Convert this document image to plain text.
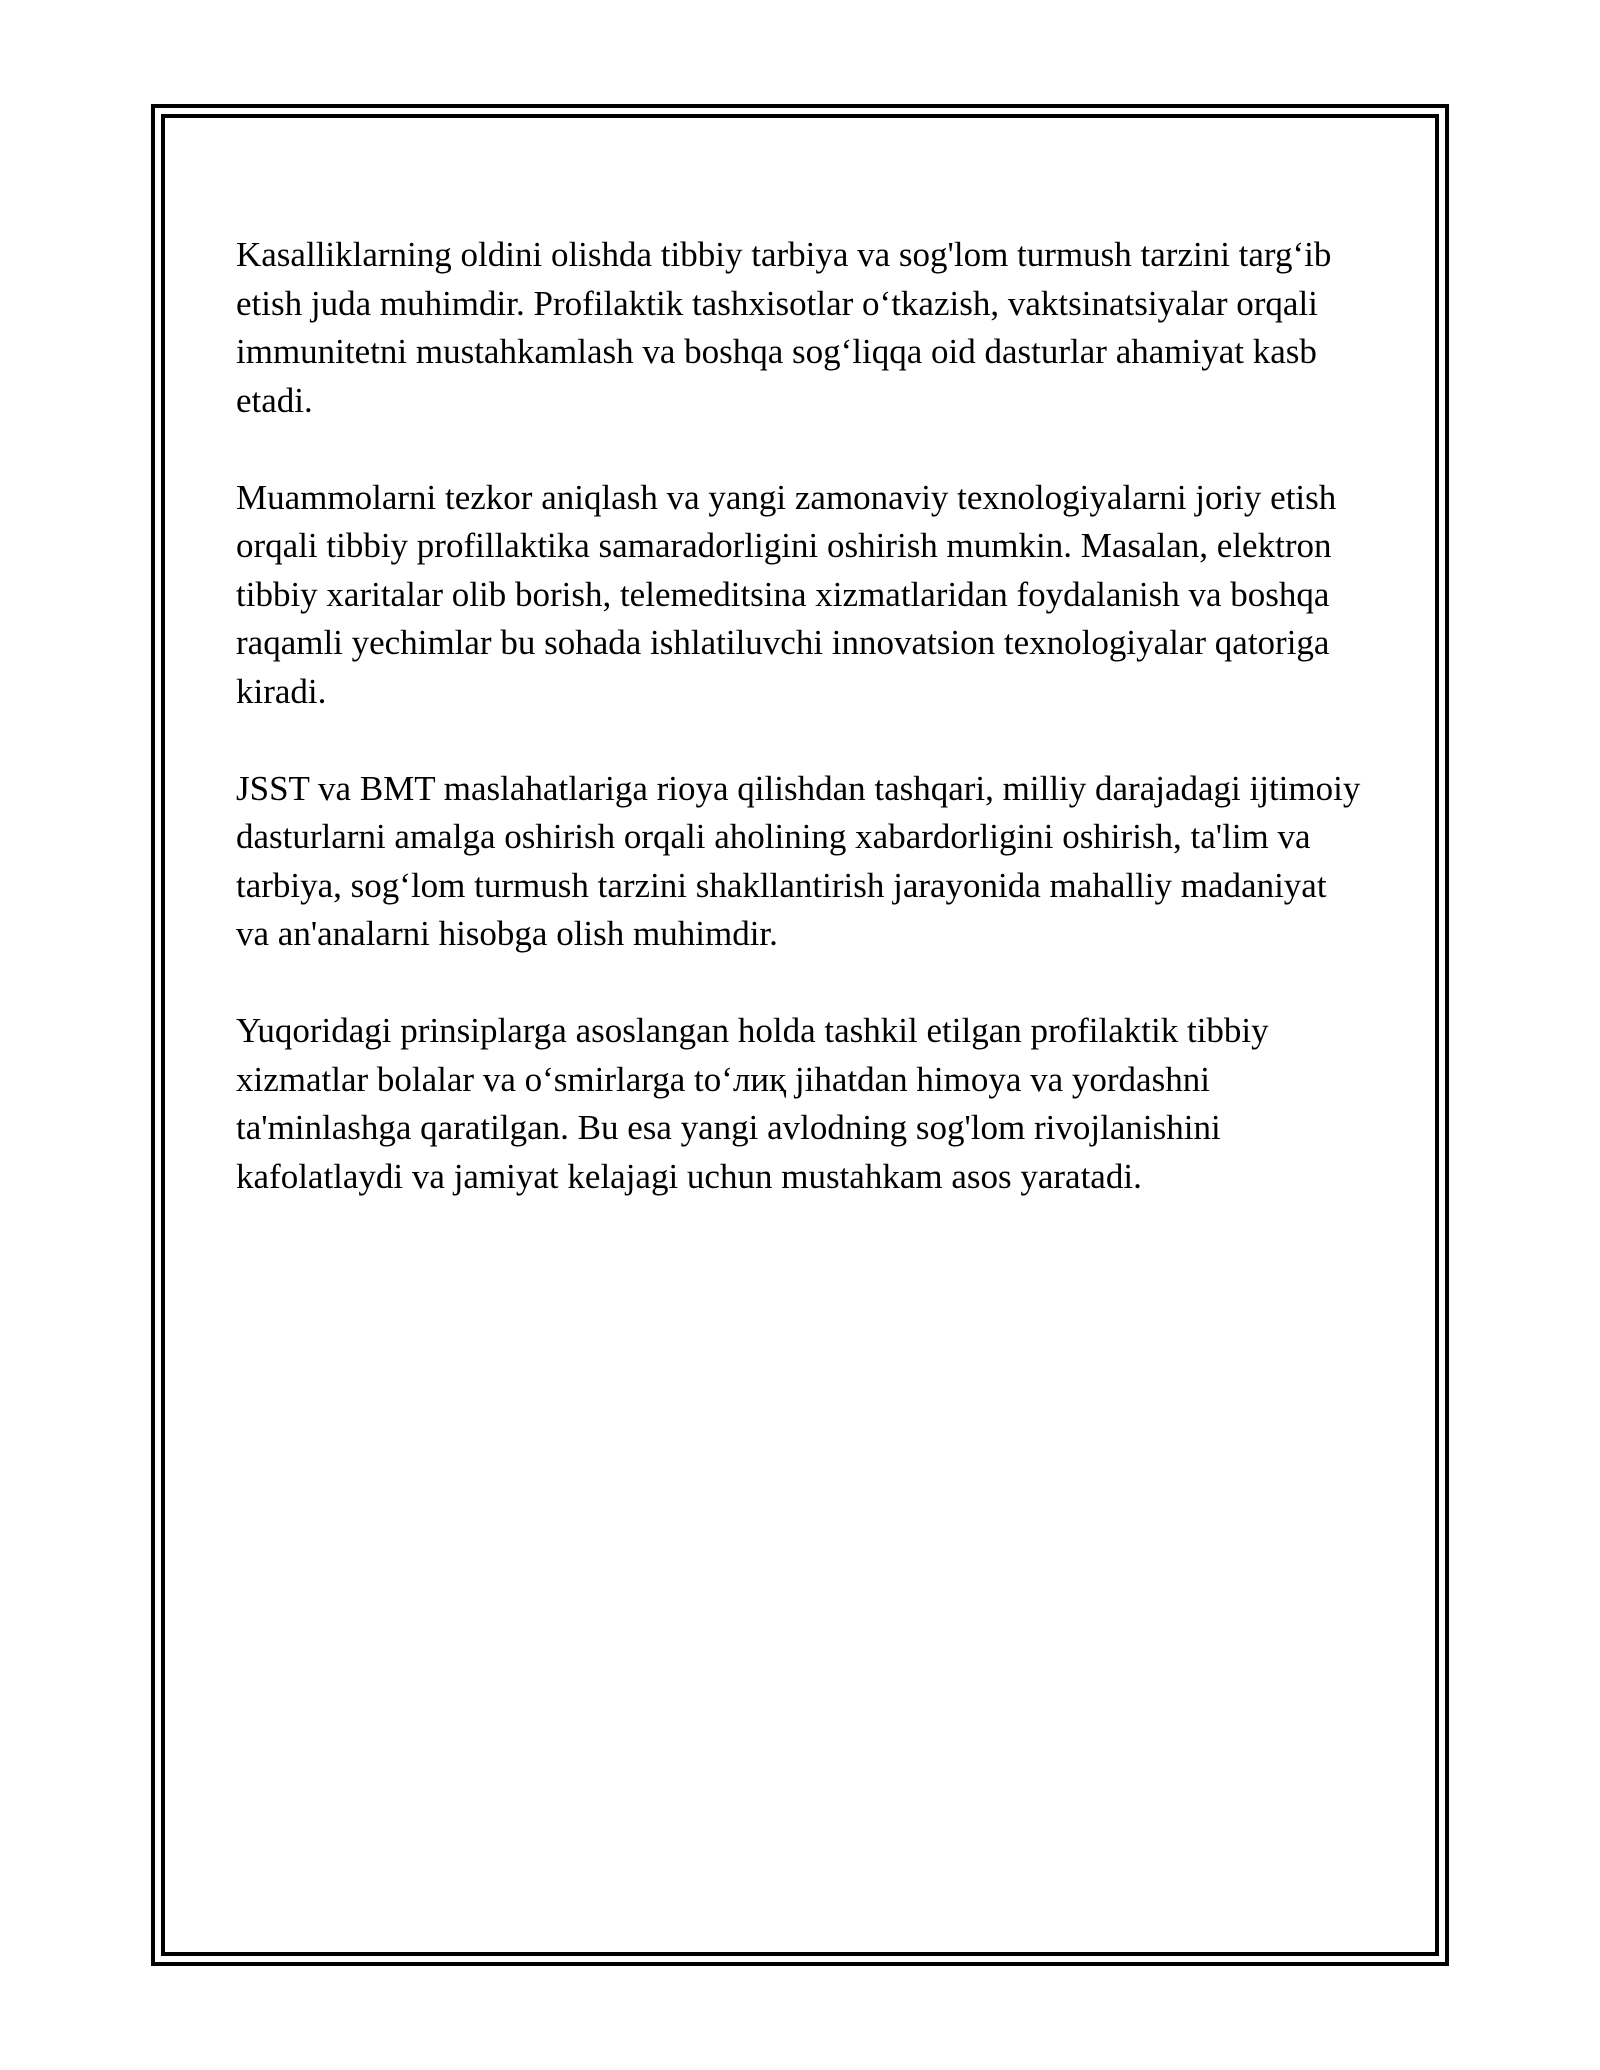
Kasalliklarning oldini olishda tibbiy tarbiya va sog'lom turmush tarzini targ‘ib etish juda muhimdir. Profilaktik tashxisotlar o‘tkazish, vaktsinatsiyalar orqali immunitetni mustahkamlash va boshqa sog‘liqqa oid dasturlar ahamiyat kasb etadi.

Muammolarni tezkor aniqlash va yangi zamonaviy texnologiyalarni joriy etish orqali tibbiy profillaktika samaradorligini oshirish mumkin. Masalan, elektron tibbiy xaritalar olib borish, telemeditsina xizmatlaridan foydalanish va boshqa raqamli yechimlar bu sohada ishlatiluvchi innovatsion texnologiyalar qatoriga kiradi.

JSST va BMT maslahatlariga rioya qilishdan tashqari, milliy darajadagi ijtimoiy dasturlarni amalga oshirish orqali aholining xabardorligini oshirish, ta'lim va tarbiya, sog‘lom turmush tarzini shakllantirish jarayonida mahalliy madaniyat va an'analarni hisobga olish muhimdir.

Yuqoridagi prinsiplarga asoslangan holda tashkil etilgan profilaktik tibbiy xizmatlar bolalar va o‘smirlarga to‘лиқ jihatdan himoya va yordashni ta'minlashga qaratilgan. Bu esa yangi avlodning sog'lom rivojlanishini kafolatlaydi va jamiyat kelajagi uchun mustahkam asos yaratadi.
